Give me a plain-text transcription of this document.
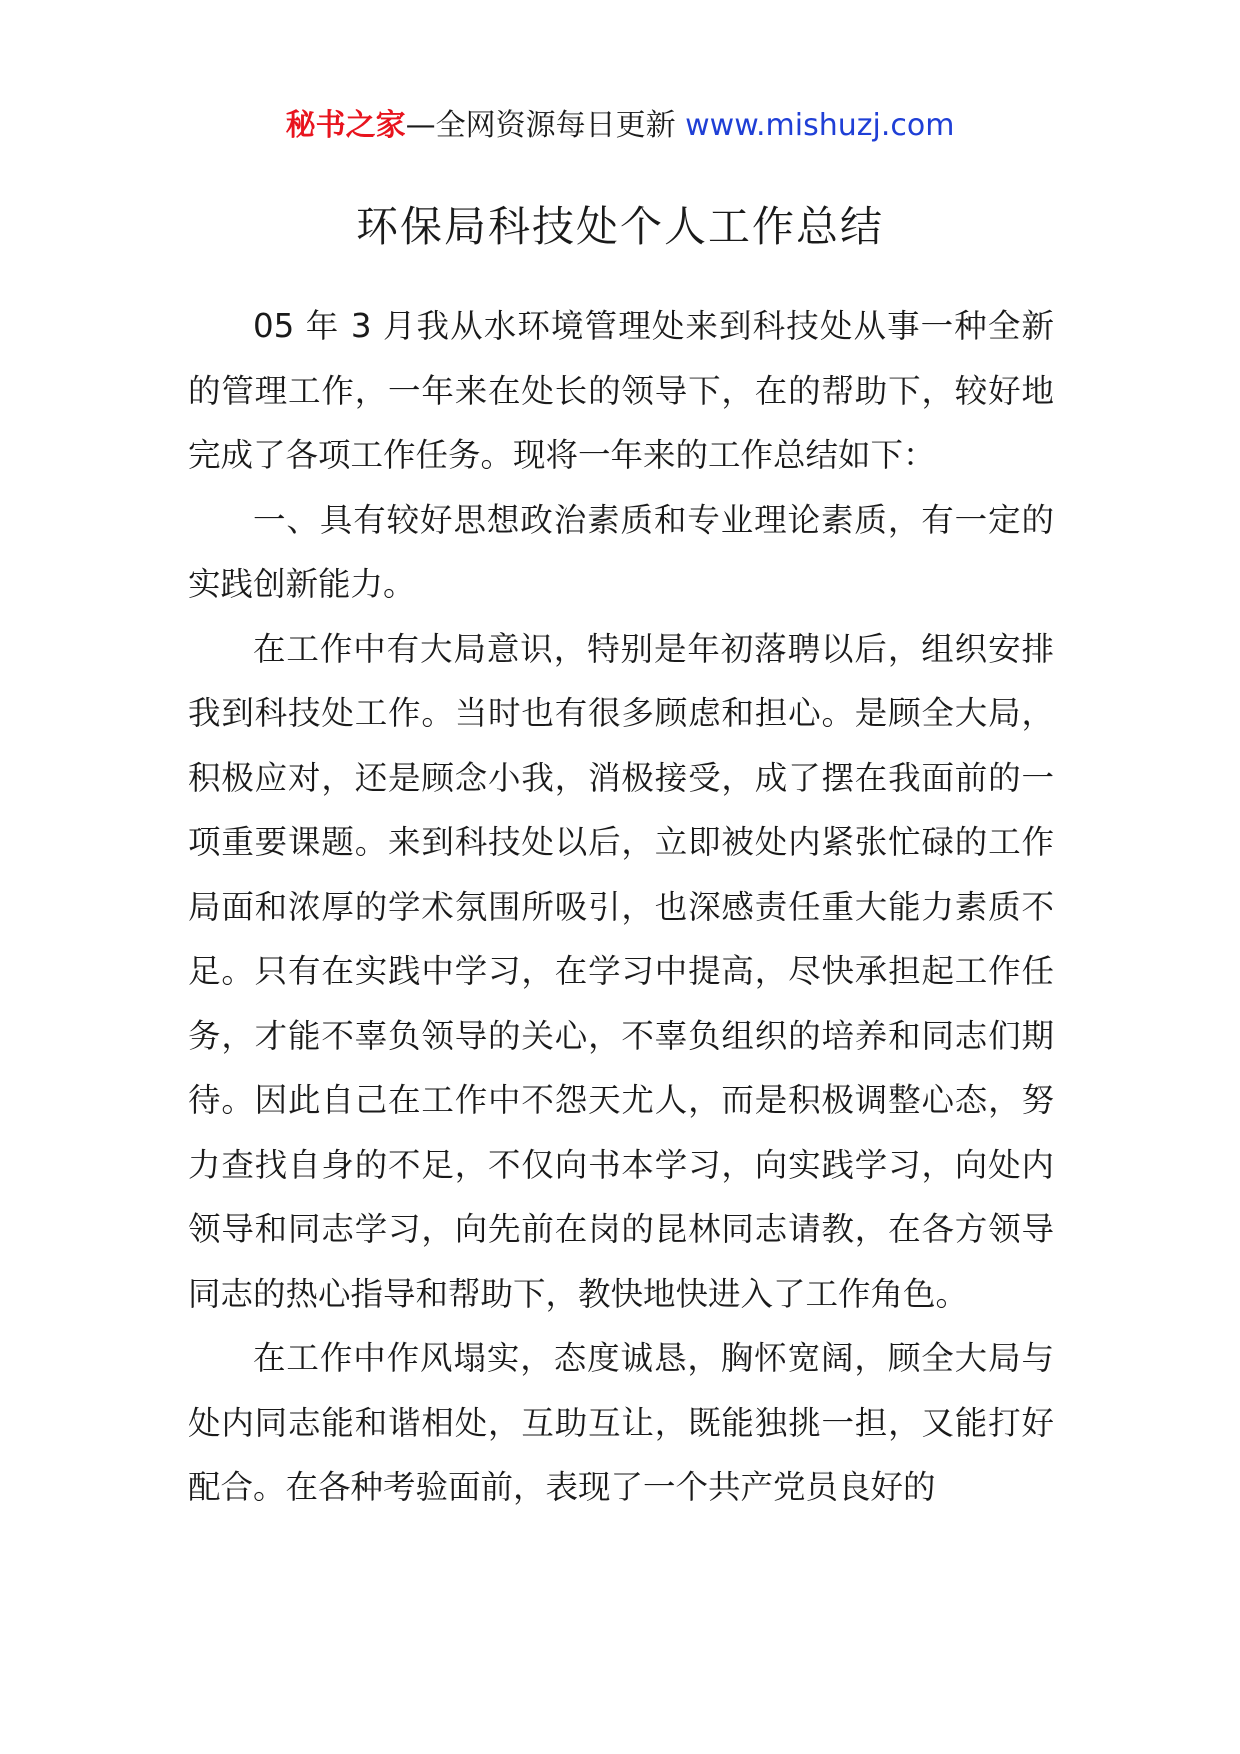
秘书之家—全网资源每日更新 www.mishuzj.com
环保局科技处个人工作总结

05 年 3 月我从水环境管理处来到科技处从事一种全新的管理工作，一年来在处长的领导下，在的帮助下，较好地完成了各项工作任务。现将一年来的工作总结如下：

一、具有较好思想政治素质和专业理论素质，有一定的实践创新能力。

在工作中有大局意识，特别是年初落聘以后，组织安排我到科技处工作。当时也有很多顾虑和担心。是顾全大局，积极应对，还是顾念小我，消极接受，成了摆在我面前的一项重要课题。来到科技处以后，立即被处内紧张忙碌的工作局面和浓厚的学术氛围所吸引，也深感责任重大能力素质不足。只有在实践中学习，在学习中提高，尽快承担起工作任务，才能不辜负领导的关心，不辜负组织的培养和同志们期待。因此自己在工作中不怨天尤人，而是积极调整心态，努力查找自身的不足，不仅向书本学习，向实践学习，向处内领导和同志学习，向先前在岗的昆林同志请教，在各方领导同志的热心指导和帮助下，教快地快进入了工作角色。

在工作中作风塌实，态度诚恳，胸怀宽阔，顾全大局与处内同志能和谐相处，互助互让，既能独挑一担，又能打好配合。在各种考验面前，表现了一个共产党员良好的
